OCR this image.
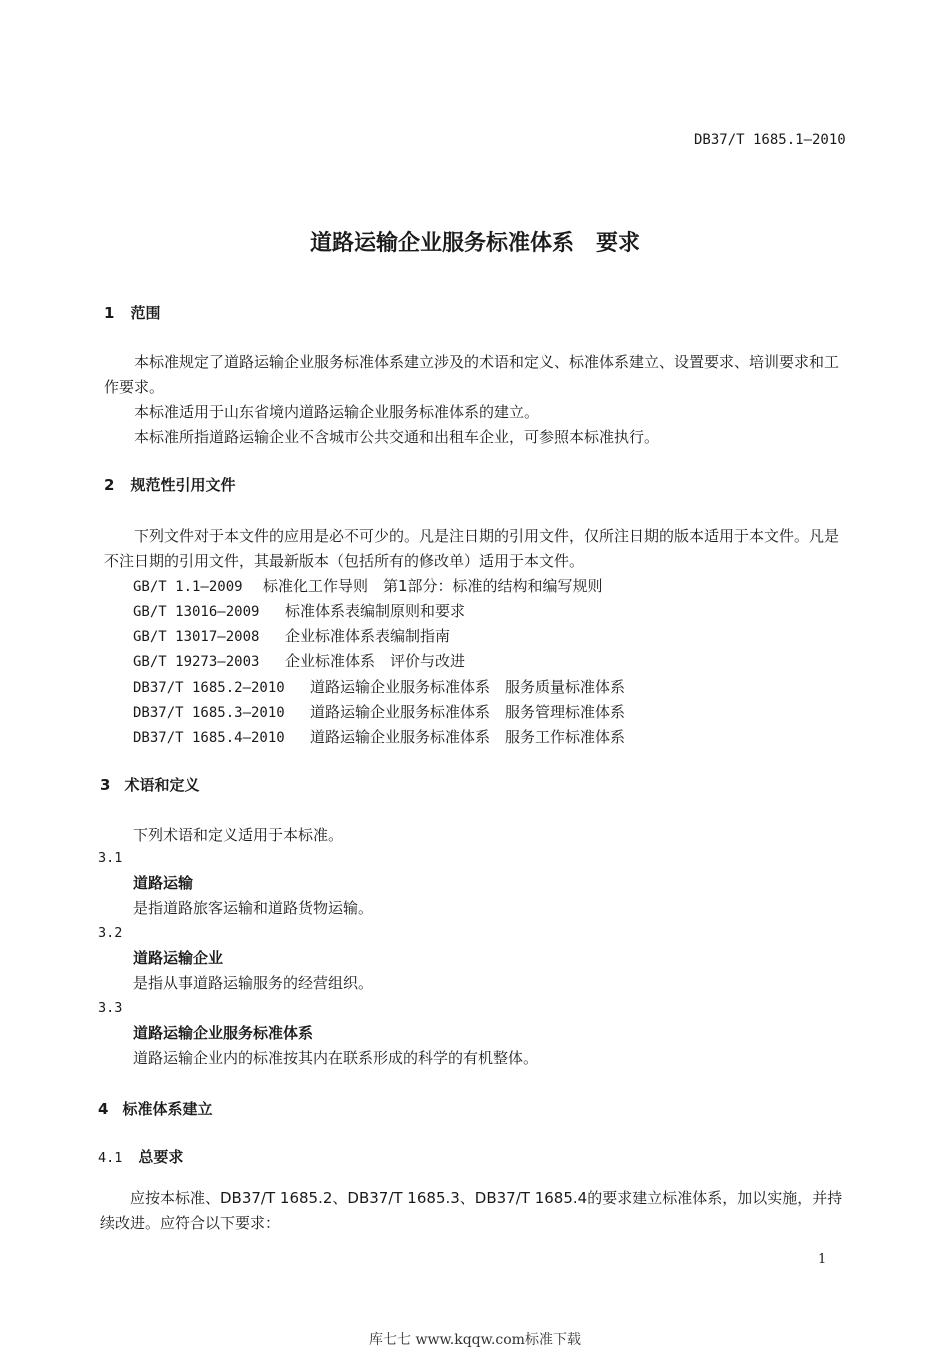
DB37/T 1685.1—2010
道路运输企业服务标准体系　要求
1 范围
本标准规定了道路运输企业服务标准体系建立涉及的术语和定义、标准体系建立、设置要求、培训要求和工作要求。
本标准适用于山东省境内道路运输企业服务标准体系的建立。
本标准所指道路运输企业不含城市公共交通和出租车企业，可参照本标准执行。
2 规范性引用文件
下列文件对于本文件的应用是必不可少的。凡是注日期的引用文件，仅所注日期的版本适用于本文件。凡是不注日期的引用文件，其最新版本（包括所有的修改单）适用于本文件。
GB/T 1.1—2009 标准化工作导则　第1部分：标准的结构和编写规则
GB/T 13016—2009 标准体系表编制原则和要求
GB/T 13017—2008 企业标准体系表编制指南
GB/T 19273—2003 企业标准体系　评价与改进
DB37/T 1685.2—2010 道路运输企业服务标准体系　服务质量标准体系
DB37/T 1685.3—2010 道路运输企业服务标准体系　服务管理标准体系
DB37/T 1685.4—2010 道路运输企业服务标准体系　服务工作标准体系
3 术语和定义
下列术语和定义适用于本标准。
3.1
道路运输
是指道路旅客运输和道路货物运输。
3.2
道路运输企业
是指从事道路运输服务的经营组织。
3.3
道路运输企业服务标准体系
道路运输企业内的标准按其内在联系形成的科学的有机整体。
4 标准体系建立
4.1 总要求
应按本标准、DB37/T 1685.2、DB37/T 1685.3、DB37/T 1685.4的要求建立标准体系，加以实施，并持续改进。应符合以下要求：
1
库七七 www.kqqw.com标准下载
